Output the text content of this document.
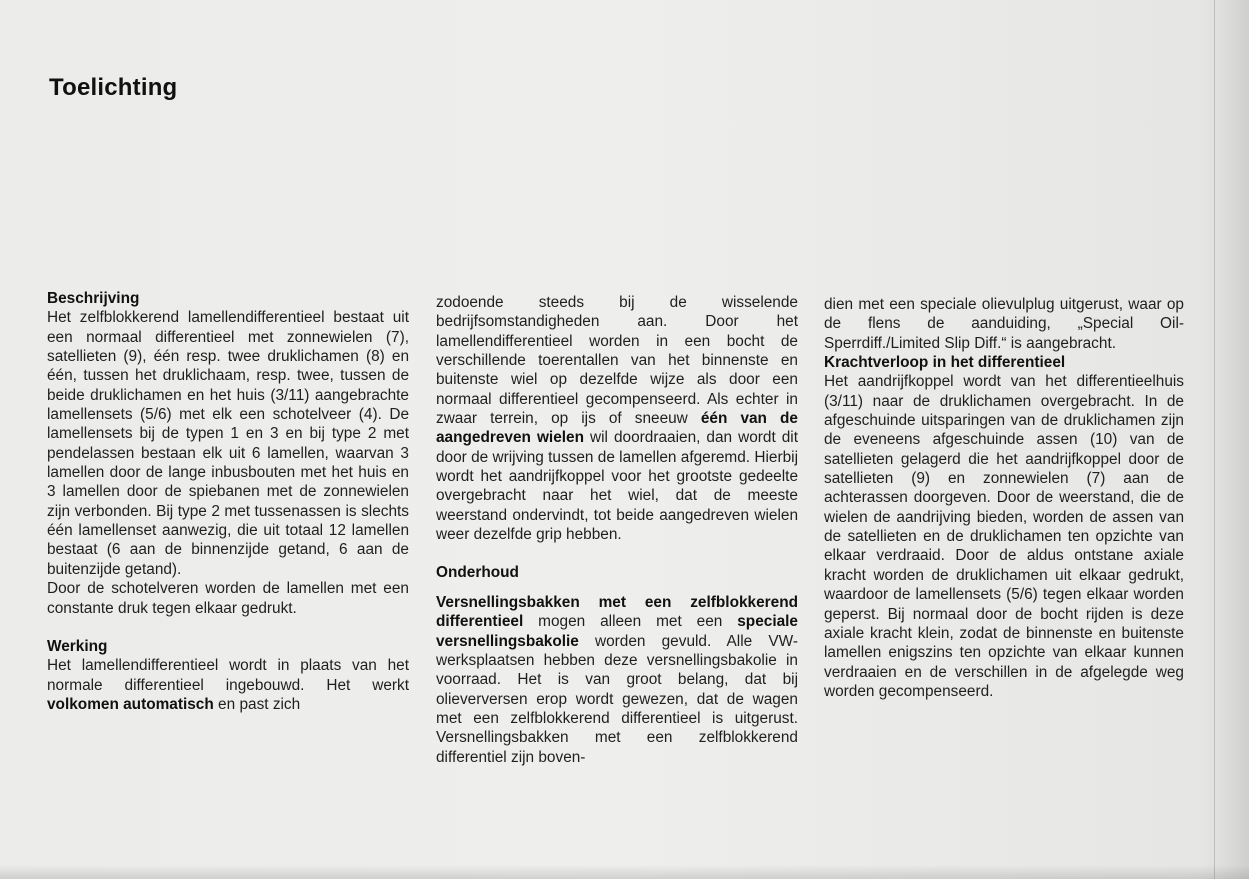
Toelichting
Beschrijving

Het zelfblokkerend lamellendifferentieel bestaat uit een normaal differentieel met zonnewielen (7), satellieten (9), één resp. twee druklichamen (8) en één, tussen het druklichaam, resp. twee, tussen de beide druklichamen en het huis (3/11) aangebrachte lamellensets (5/6) met elk een schotelveer (4). De lamellensets bij de typen 1 en 3 en bij type 2 met pendelassen bestaan elk uit 6 lamellen, waarvan 3 lamellen door de lange inbusbouten met het huis en 3 lamellen door de spiebanen met de zonnewielen zijn verbonden. Bij type 2 met tussenassen is slechts één lamellenset aanwezig, die uit totaal 12 lamellen bestaat (6 aan de binnenzijde getand, 6 aan de buitenzijde getand).

Door de schotelveren worden de lamellen met een constante druk tegen elkaar gedrukt.

Werking

Het lamellendifferentieel wordt in plaats van het normale differentieel ingebouwd. Het werkt volkomen automatisch en past zich

zodoende steeds bij de wisselende bedrijfsomstandigheden aan. Door het lamellendifferentieel worden in een bocht de verschillende toerentallen van het binnenste en buitenste wiel op dezelfde wijze als door een normaal differentieel gecompenseerd. Als echter in zwaar terrein, op ijs of sneeuw één van de aangedreven wielen wil doordraaien, dan wordt dit door de wrijving tussen de lamellen afgeremd. Hierbij wordt het aandrijfkoppel voor het grootste gedeelte overgebracht naar het wiel, dat de meeste weerstand ondervindt, tot beide aangedreven wielen weer dezelfde grip hebben.

Onderhoud

Versnellingsbakken met een zelfblokkerend differentieel mogen alleen met een speciale versnellingsbakolie worden gevuld. Alle VW-werksplaatsen hebben deze versnellingsbakolie in voorraad. Het is van groot belang, dat bij olieverversen erop wordt gewezen, dat de wagen met een zelfblokkerend differentieel is uitgerust. Versnellingsbakken met een zelfblokkerend differentiel zijn boven-

dien met een speciale olievulplug uitgerust, waar op de flens de aanduiding, „Special Oil-Sperrdiff./Limited Slip Diff.“ is aangebracht.

Krachtverloop in het differentieel

Het aandrijfkoppel wordt van het differentieelhuis (3/11) naar de druklichamen overgebracht. In de afgeschuinde uitsparingen van de druklichamen zijn de eveneens afgeschuinde assen (10) van de satellieten gelagerd die het aandrijfkoppel door de satellieten (9) en zonnewielen (7) aan de achterassen doorgeven. Door de weerstand, die de wielen de aandrijving bieden, worden de assen van de satellieten en de druklichamen ten opzichte van elkaar verdraaid. Door de aldus ontstane axiale kracht worden de druklichamen uit elkaar gedrukt, waardoor de lamellensets (5/6) tegen elkaar worden geperst. Bij normaal door de bocht rijden is deze axiale kracht klein, zodat de binnenste en buitenste lamellen enigszins ten opzichte van elkaar kunnen verdraaien en de verschillen in de afgelegde weg worden gecompenseerd.
